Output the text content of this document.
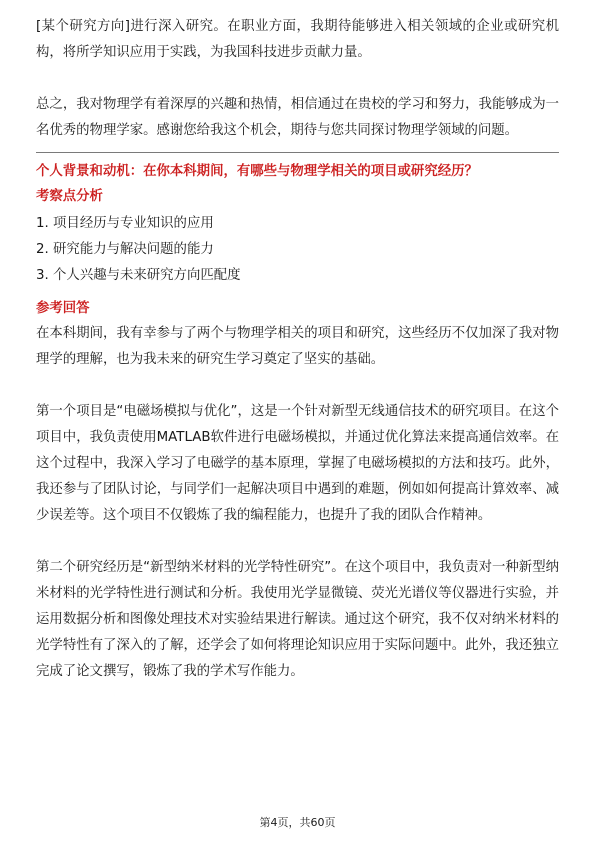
[某个研究方向]进行深入研究。在职业方面，我期待能够进入相关领域的企业或研究机构，将所学知识应用于实践，为我国科技进步贡献力量。

总之，我对物理学有着深厚的兴趣和热情，相信通过在贵校的学习和努力，我能够成为一名优秀的物理学家。感谢您给我这个机会，期待与您共同探讨物理学领域的问题。

个人背景和动机：在你本科期间，有哪些与物理学相关的项目或研究经历？

考察点分析

1. 项目经历与专业知识的应用
2. 研究能力与解决问题的能力
3. 个人兴趣与未来研究方向匹配度

参考回答

在本科期间，我有幸参与了两个与物理学相关的项目和研究，这些经历不仅加深了我对物理学的理解，也为我未来的研究生学习奠定了坚实的基础。

第一个项目是“电磁场模拟与优化”，这是一个针对新型无线通信技术的研究项目。在这个项目中，我负责使用MATLAB软件进行电磁场模拟，并通过优化算法来提高通信效率。在这个过程中，我深入学习了电磁学的基本原理，掌握了电磁场模拟的方法和技巧。此外，我还参与了团队讨论，与同学们一起解决项目中遇到的难题，例如如何提高计算效率、减少误差等。这个项目不仅锻炼了我的编程能力，也提升了我的团队合作精神。

第二个研究经历是“新型纳米材料的光学特性研究”。在这个项目中，我负责对一种新型纳米材料的光学特性进行测试和分析。我使用光学显微镜、荧光光谱仪等仪器进行实验，并运用数据分析和图像处理技术对实验结果进行解读。通过这个研究，我不仅对纳米材料的光学特性有了深入的了解，还学会了如何将理论知识应用于实际问题中。此外，我还独立完成了论文撰写，锻炼了我的学术写作能力。

第4页，共60页
